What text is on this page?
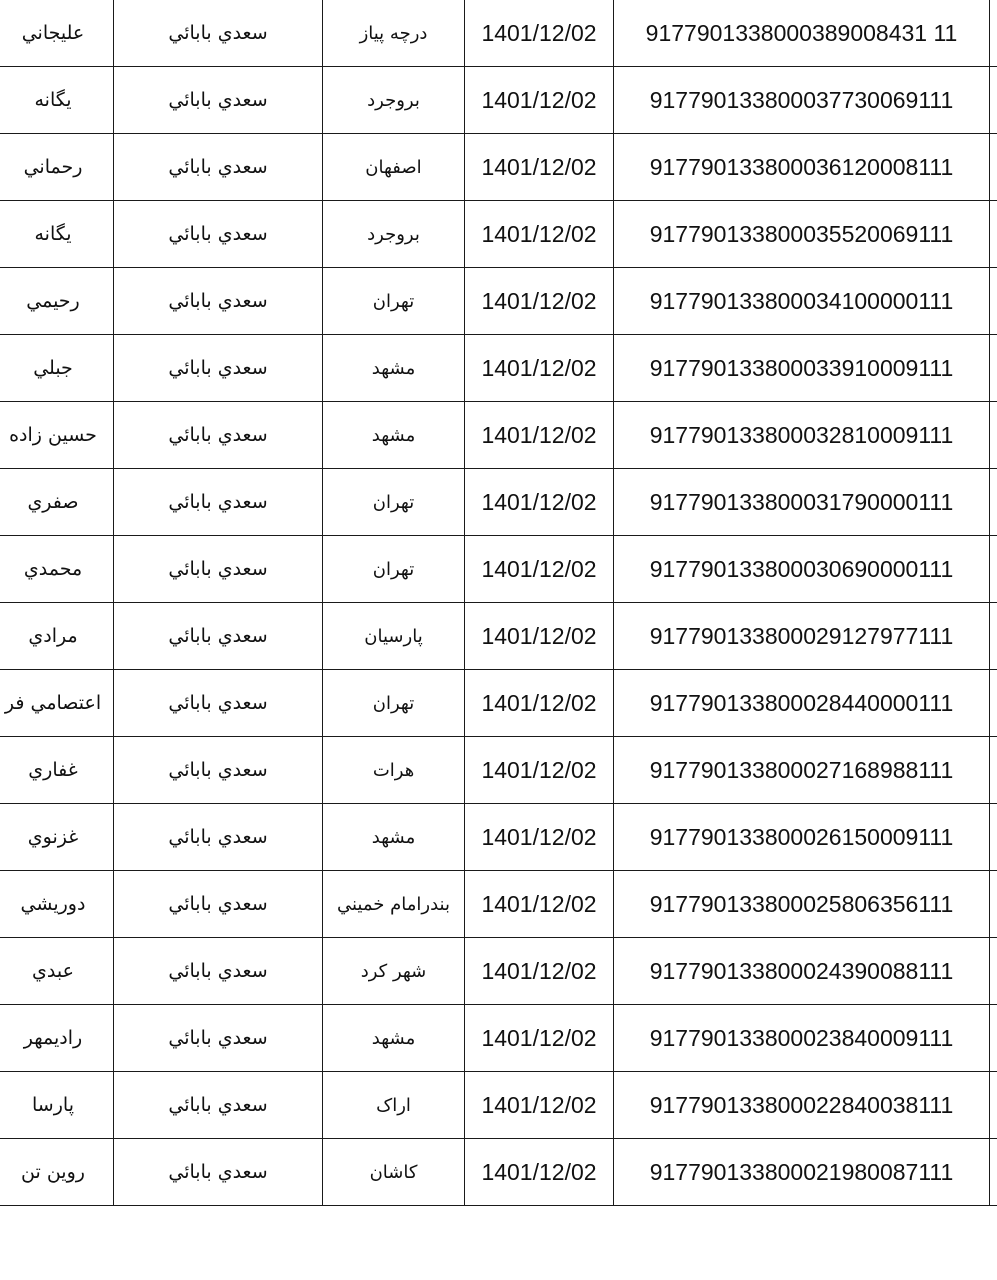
عليجاني	سعدي بابائي	درچه پياز	1401/12/02	9177901338000389008431 11	
يگانه	سعدي بابائي	بروجرد	1401/12/02	917790133800037730069111	
رحماني	سعدي بابائي	اصفهان	1401/12/02	917790133800036120008111	
يگانه	سعدي بابائي	بروجرد	1401/12/02	917790133800035520069111	
رحيمي	سعدي بابائي	تهران	1401/12/02	917790133800034100000111	
جبلي	سعدي بابائي	مشهد	1401/12/02	917790133800033910009111	
حسين زاده	سعدي بابائي	مشهد	1401/12/02	917790133800032810009111	
صفري	سعدي بابائي	تهران	1401/12/02	917790133800031790000111	
محمدي	سعدي بابائي	تهران	1401/12/02	917790133800030690000111	
مرادي	سعدي بابائي	پارسيان	1401/12/02	917790133800029127977111	
اعتصامي فر	سعدي بابائي	تهران	1401/12/02	917790133800028440000111	
غفاري	سعدي بابائي	هرات	1401/12/02	917790133800027168988111	
غزنوي	سعدي بابائي	مشهد	1401/12/02	917790133800026150009111	
دوريشي	سعدي بابائي	بندرامام خميني	1401/12/02	917790133800025806356111	
عبدي	سعدي بابائي	شهر كرد	1401/12/02	917790133800024390088111	
راديمهر	سعدي بابائي	مشهد	1401/12/02	917790133800023840009111	
پارسا	سعدي بابائي	اراک	1401/12/02	917790133800022840038111	
روين تن	سعدي بابائي	كاشان	1401/12/02	917790133800021980087111	
